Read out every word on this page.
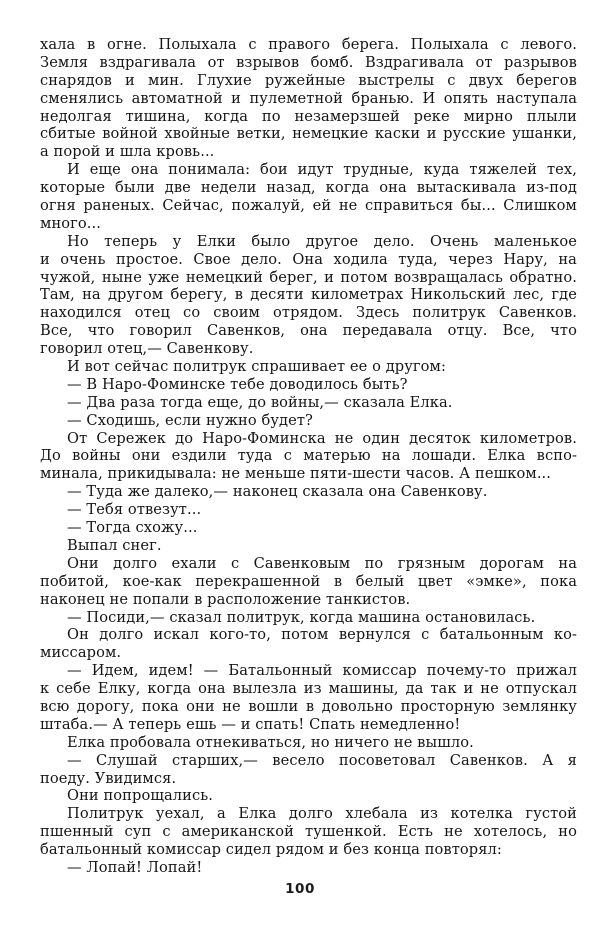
хала в огне. Полыхала с правого берега. Полыхала с левого.
Земля вздрагивала от взрывов бомб. Вздрагивала от разрывов
снарядов и мин. Глухие ружейные выстрелы с двух берегов
сменялись автоматной и пулеметной бранью. И опять наступала
недолгая тишина, когда по незамерзшей реке мирно плыли
сбитые войной хвойные ветки, немецкие каски и русские ушанки,
а порой и шла кровь...
И еще она понимала: бои идут трудные, куда тяжелей тех,
которые были две недели назад, когда она вытаскивала из-под
огня раненых. Сейчас, пожалуй, ей не справиться бы... Слишком
много...
Но теперь у Елки было другое дело. Очень маленькое
и очень простое. Свое дело. Она ходила туда, через Нару, на
чужой, ныне уже немецкий берег, и потом возвращалась обратно.
Там, на другом берегу, в десяти километрах Никольский лес, где
находился отец со своим отрядом. Здесь политрук Савенков.
Все, что говорил Савенков, она передавала отцу. Все, что
говорил отец,— Савенкову.
И вот сейчас политрук спрашивает ее о другом:
— В Наро-Фоминске тебе доводилось быть?
— Два раза тогда еще, до войны,— сказала Елка.
— Сходишь, если нужно будет?
От Сережек до Наро-Фоминска не один десяток километров.
До войны они ездили туда с матерью на лошади. Елка вспо-
минала, прикидывала: не меньше пяти-шести часов. А пешком...
— Туда же далеко,— наконец сказала она Савенкову.
— Тебя отвезут...
— Тогда схожу...
Выпал снег.
Они долго ехали с Савенковым по грязным дорогам на
побитой, кое-как перекрашенной в белый цвет «эмке», пока
наконец не попали в расположение танкистов.
— Посиди,— сказал политрук, когда машина остановилась.
Он долго искал кого-то, потом вернулся с батальонным ко-
миссаром.
— Идем, идем! — Батальонный комиссар почему-то прижал
к себе Елку, когда она вылезла из машины, да так и не отпускал
всю дорогу, пока они не вошли в довольно просторную землянку
штаба.— А теперь ешь — и спать! Спать немедленно!
Елка пробовала отнекиваться, но ничего не вышло.
— Слушай старших,— весело посоветовал Савенков. А я
поеду. Увидимся.
Они попрощались.
Политрук уехал, а Елка долго хлебала из котелка густой
пшенный суп с американской тушенкой. Есть не хотелось, но
батальонный комиссар сидел рядом и без конца повторял:
— Лопай! Лопай!
100
